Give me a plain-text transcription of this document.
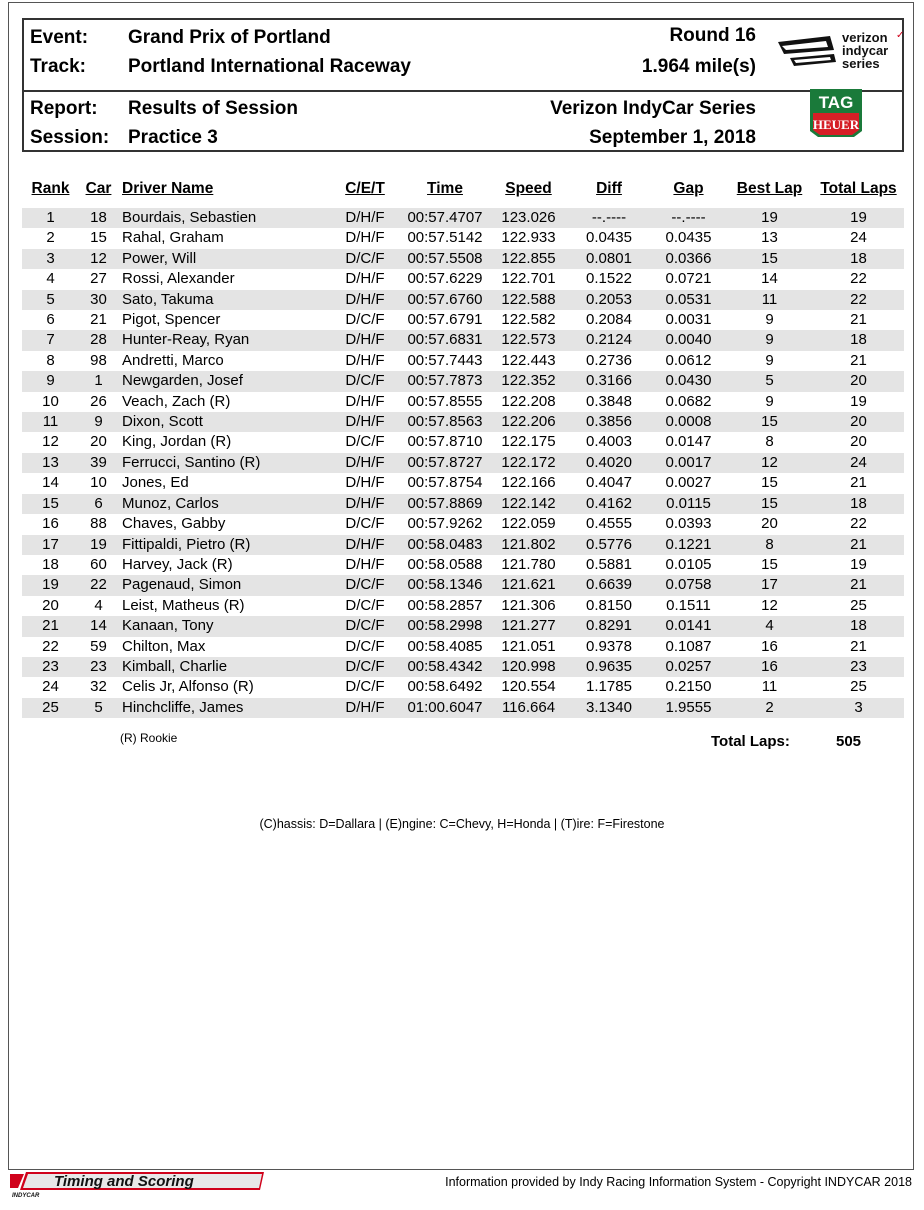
Event: Grand Prix of Portland
Track: Portland International Raceway
Round 16
1.964 mile(s)
Report: Results of Session
Session: Practice 3
Verizon IndyCar Series
September 1, 2018
verizon ✓
indycar
series
TAG
HEUER
Rank	Car	Driver Name	C/E/T	Time	Speed	Diff	Gap	Best Lap	Total Laps

1	18	Bourdais, Sebastien	D/H/F	00:57.4707	123.026	--.----	--.----	19	19
2	15	Rahal, Graham	D/H/F	00:57.5142	122.933	0.0435	0.0435	13	24
3	12	Power, Will	D/C/F	00:57.5508	122.855	0.0801	0.0366	15	18
4	27	Rossi, Alexander	D/H/F	00:57.6229	122.701	0.1522	0.0721	14	22
5	30	Sato, Takuma	D/H/F	00:57.6760	122.588	0.2053	0.0531	11	22
6	21	Pigot, Spencer	D/C/F	00:57.6791	122.582	0.2084	0.0031	9	21
7	28	Hunter-Reay, Ryan	D/H/F	00:57.6831	122.573	0.2124	0.0040	9	18
8	98	Andretti, Marco	D/H/F	00:57.7443	122.443	0.2736	0.0612	9	21
9	1	Newgarden, Josef	D/C/F	00:57.7873	122.352	0.3166	0.0430	5	20
10	26	Veach, Zach (R)	D/H/F	00:57.8555	122.208	0.3848	0.0682	9	19
11	9	Dixon, Scott	D/H/F	00:57.8563	122.206	0.3856	0.0008	15	20
12	20	King, Jordan (R)	D/C/F	00:57.8710	122.175	0.4003	0.0147	8	20
13	39	Ferrucci, Santino (R)	D/H/F	00:57.8727	122.172	0.4020	0.0017	12	24
14	10	Jones, Ed	D/H/F	00:57.8754	122.166	0.4047	0.0027	15	21
15	6	Munoz, Carlos	D/H/F	00:57.8869	122.142	0.4162	0.0115	15	18
16	88	Chaves, Gabby	D/C/F	00:57.9262	122.059	0.4555	0.0393	20	22
17	19	Fittipaldi, Pietro (R)	D/H/F	00:58.0483	121.802	0.5776	0.1221	8	21
18	60	Harvey, Jack (R)	D/H/F	00:58.0588	121.780	0.5881	0.0105	15	19
19	22	Pagenaud, Simon	D/C/F	00:58.1346	121.621	0.6639	0.0758	17	21
20	4	Leist, Matheus (R)	D/C/F	00:58.2857	121.306	0.8150	0.1511	12	25
21	14	Kanaan, Tony	D/C/F	00:58.2998	121.277	0.8291	0.0141	4	18
22	59	Chilton, Max	D/C/F	00:58.4085	121.051	0.9378	0.1087	16	21
23	23	Kimball, Charlie	D/C/F	00:58.4342	120.998	0.9635	0.0257	16	23
24	32	Celis Jr, Alfonso (R)	D/C/F	00:58.6492	120.554	1.1785	0.2150	11	25
25	5	Hinchcliffe, James	D/H/F	01:00.6047	116.664	3.1340	1.9555	2	3
(R) Rookie	Total Laps:	505
(C)hassis: D=Dallara | (E)ngine: C=Chevy, H=Honda | (T)ire: F=Firestone
Timing and Scoring
INDYCAR
Information provided by Indy Racing Information System - Copyright INDYCAR 2018
